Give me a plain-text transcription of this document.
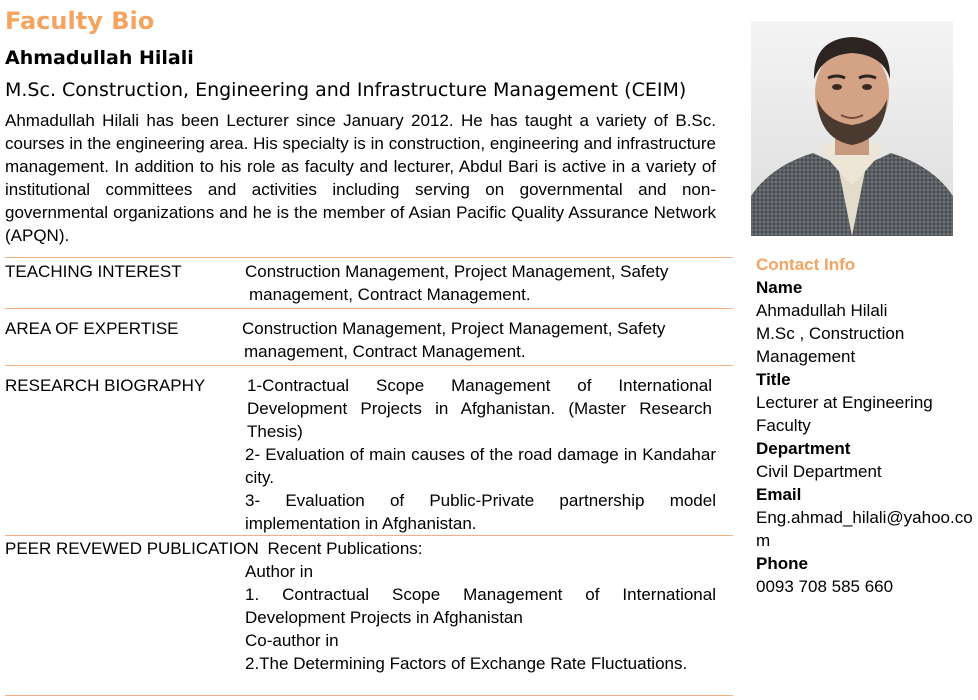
Faculty Bio
Ahmadullah Hilali
M.Sc. Construction, Engineering and Infrastructure Management (CEIM)

Ahmadullah Hilali has been Lecturer since January 2012. He has taught a variety of B.Sc. courses in the engineering area. His specialty is in construction, engineering and infrastructure management. In addition to his role as faculty and lecturer, Abdul Bari is active in a variety of institutional committees and activities including serving on governmental and non-governmental organizations and he is the member of Asian Pacific Quality Assurance Network (APQN).

TEACHING INTEREST	Construction Management, Project Management, Safety
management, Contract Management.
AREA OF EXPERTISE	Construction Management, Project Management, Safety
management, Contract Management.
RESEARCH BIOGRAPHY 1-Contractual Scope Management of International Development Projects in Afghanistan. (Master Research Thesis)
2- Evaluation of main causes of the road damage in Kandahar city.
3- Evaluation of Public-Private partnership model implementation in Afghanistan.
PEER REVEWED PUBLICATION Recent Publications:
Author in
1. Contractual Scope Management of International Development Projects in Afghanistan
Co-author in
2.The Determining Factors of Exchange Rate Fluctuations.
Contact Info
Name
Ahmadullah Hilali
M.Sc , Construction Management
Title
Lecturer at Engineering Faculty
Department
Civil Department
Email
Eng.ahmad_hilali@yahoo.com
Phone
0093 708 585 660
